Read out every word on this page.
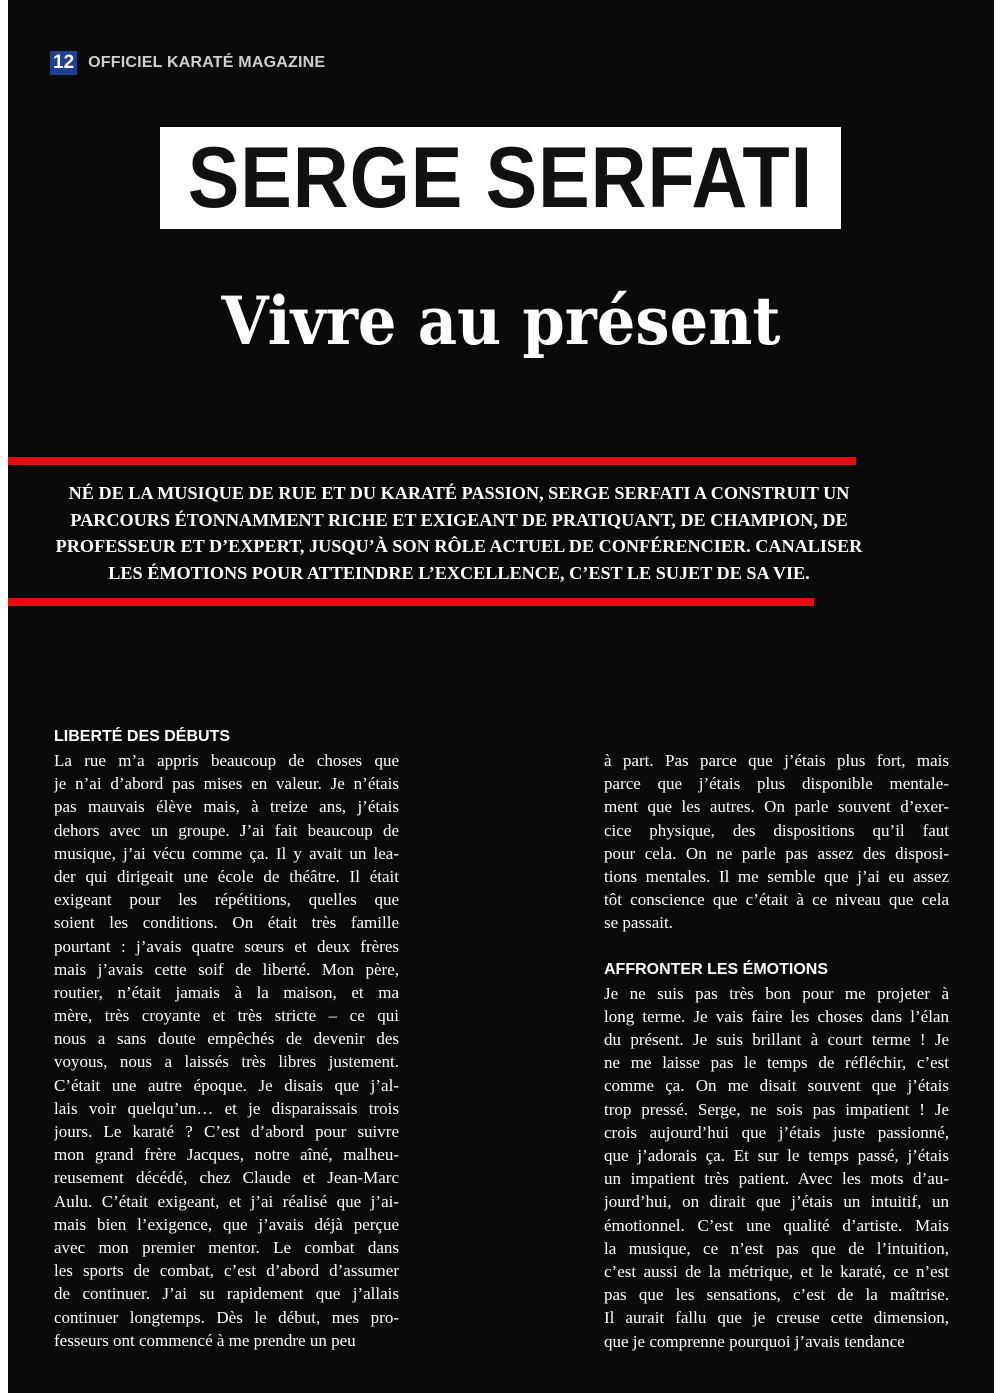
12 OFFICIEL KARATÉ MAGAZINE
SERGE SERFATI
Vivre au présent
NÉ DE LA MUSIQUE DE RUE ET DU KARATÉ PASSION, SERGE SERFATI A CONSTRUIT UN
PARCOURS ÉTONNAMMENT RICHE ET EXIGEANT DE PRATIQUANT, DE CHAMPION, DE
PROFESSEUR ET D’EXPERT, JUSQU’À SON RÔLE ACTUEL DE CONFÉRENCIER. CANALISER
LES ÉMOTIONS POUR ATTEINDRE L’EXCELLENCE, C’EST LE SUJET DE SA VIE.
LIBERTÉ DES DÉBUTS
La rue m’a appris beaucoup de choses que
je n’ai d’abord pas mises en valeur. Je n’étais
pas mauvais élève mais, à treize ans, j’étais
dehors avec un groupe. J’ai fait beaucoup de
musique, j’ai vécu comme ça. Il y avait un lea-
der qui dirigeait une école de théâtre. Il était
exigeant pour les répétitions, quelles que
soient les conditions. On était très famille
pourtant : j’avais quatre sœurs et deux frères
mais j’avais cette soif de liberté. Mon père,
routier, n’était jamais à la maison, et ma
mère, très croyante et très stricte – ce qui
nous a sans doute empêchés de devenir des
voyous, nous a laissés très libres justement.
C’était une autre époque. Je disais que j’al-
lais voir quelqu’un… et je disparaissais trois
jours. Le karaté ? C’est d’abord pour suivre
mon grand frère Jacques, notre aîné, malheu-
reusement décédé, chez Claude et Jean-Marc
Aulu. C’était exigeant, et j’ai réalisé que j’ai-
mais bien l’exigence, que j’avais déjà perçue
avec mon premier mentor. Le combat dans
les sports de combat, c’est d’abord d’assumer
de continuer. J’ai su rapidement que j’allais
continuer longtemps. Dès le début, mes pro-
fesseurs ont commencé à me prendre un peu
à part. Pas parce que j’étais plus fort, mais
parce que j’étais plus disponible mentale-
ment que les autres. On parle souvent d’exer-
cice physique, des dispositions qu’il faut
pour cela. On ne parle pas assez des disposi-
tions mentales. Il me semble que j’ai eu assez
tôt conscience que c’était à ce niveau que cela
se passait.
AFFRONTER LES ÉMOTIONS
Je ne suis pas très bon pour me projeter à
long terme. Je vais faire les choses dans l’élan
du présent. Je suis brillant à court terme ! Je
ne me laisse pas le temps de réfléchir, c’est
comme ça. On me disait souvent que j’étais
trop pressé. Serge, ne sois pas impatient ! Je
crois aujourd’hui que j’étais juste passionné,
que j’adorais ça. Et sur le temps passé, j’étais
un impatient très patient. Avec les mots d’au-
jourd’hui, on dirait que j’étais un intuitif, un
émotionnel. C’est une qualité d’artiste. Mais
la musique, ce n’est pas que de l’intuition,
c’est aussi de la métrique, et le karaté, ce n’est
pas que les sensations, c’est de la maîtrise.
Il aurait fallu que je creuse cette dimension,
que je comprenne pourquoi j’avais tendance
